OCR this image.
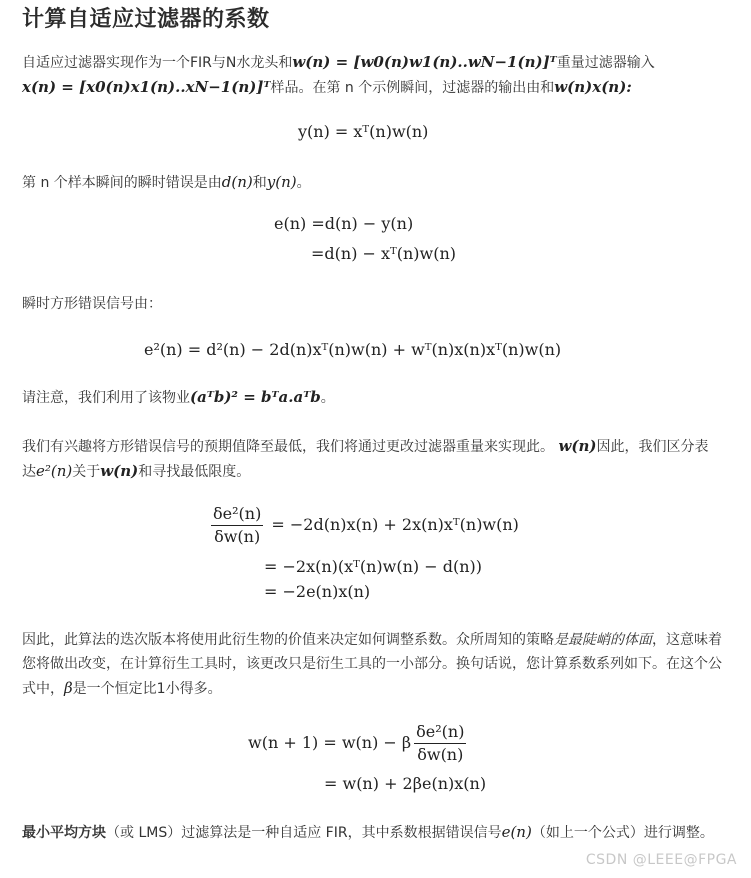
计算自适应过滤器的系数
自适应过滤器实现作为一个FIR与N水龙头和w(n) = [w0(n)w1(n)..wN−1(n)]ᵀ重量过滤器输入
x(n) = [x0(n)x1(n)..xN−1(n)]ᵀ样品。在第 n 个示例瞬间，过滤器的输出由和w(n)x(n):
y(n) = xᵀ(n)w(n)
第 n 个样本瞬间的瞬时错误是由d(n)和y(n)。
e(n) =d(n) − y(n)
=d(n) − xᵀ(n)w(n)
瞬时方形错误信号由：
e²(n) = d²(n) − 2d(n)xᵀ(n)w(n) + wᵀ(n)x(n)xᵀ(n)w(n)
请注意，我们利用了该物业(aᵀb)² = bᵀa.aᵀb。
我们有兴趣将方形错误信号的预期值降至最低，我们将通过更改过滤器重量来实现此。 w(n)因此，我们区分表达e²(n)关于w(n)和寻找最低限度。
$\frac{\text{δe²(n)}}{\delta w(n)} = -2d(n)x(n)$ + 2x(n)xᵀ(n)w(n)
= −2x(n)(xᵀ(n)w(n) − d(n))
= −2e(n)x(n)
因此，此算法的迭次版本将使用此衍生物的价值来决定如何调整系数。众所周知的策略是最陡峭的体面，这意味着您将做出改变，在计算衍生工具时，该更改只是衍生工具的一小部分。换句话说，您计算系数系列如下。在这个公式中，β是一个恒定比1小得多。
w(n + 1) = w(n) − β $\frac{\text{δe²(n)}}{\delta w(n)}$
= w(n) + 2βe(n)x(n)
最小平均方块（或 LMS）过滤算法是一种自适应 FIR，其中系数根据错误信号e(n)（如上一个公式）进行调整。
CSDN @LEEE@FPGA
